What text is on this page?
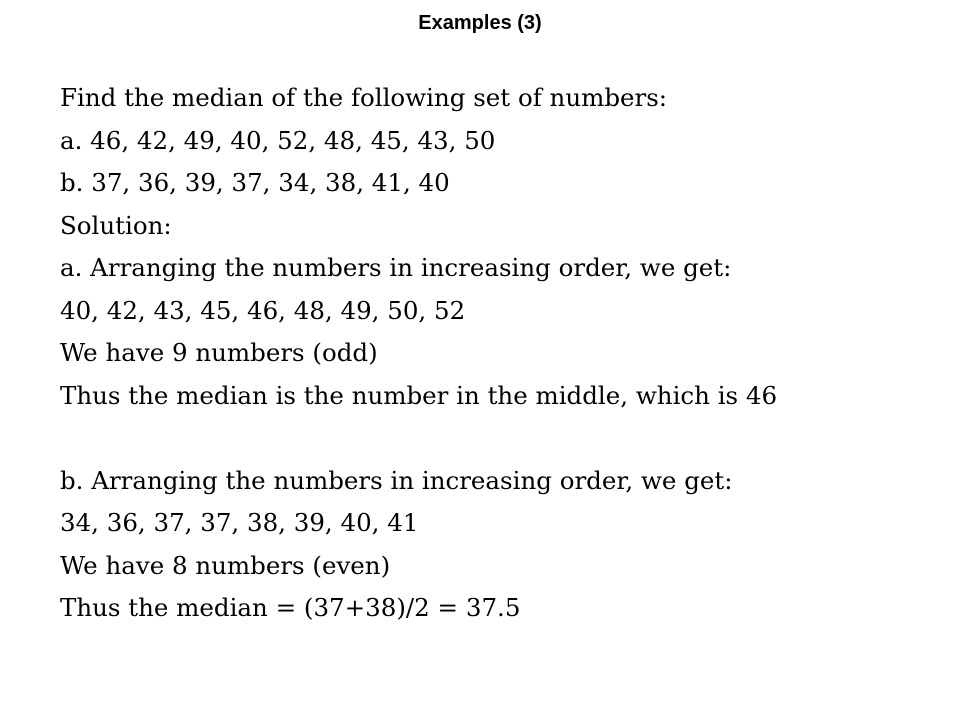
Examples (3)
Find the median of the following set of numbers:
a. 46, 42, 49, 40, 52, 48, 45, 43, 50
b. 37, 36, 39, 37, 34, 38, 41, 40
Solution:
a. Arranging the numbers in increasing order, we get:
40, 42, 43, 45, 46, 48, 49, 50, 52
We have 9 numbers (odd)
Thus the median is the number in the middle, which is 46
b. Arranging the numbers in increasing order, we get:
34, 36, 37, 37, 38, 39, 40, 41
We have 8 numbers (even)
Thus the median = (37+38)/2 = 37.5
